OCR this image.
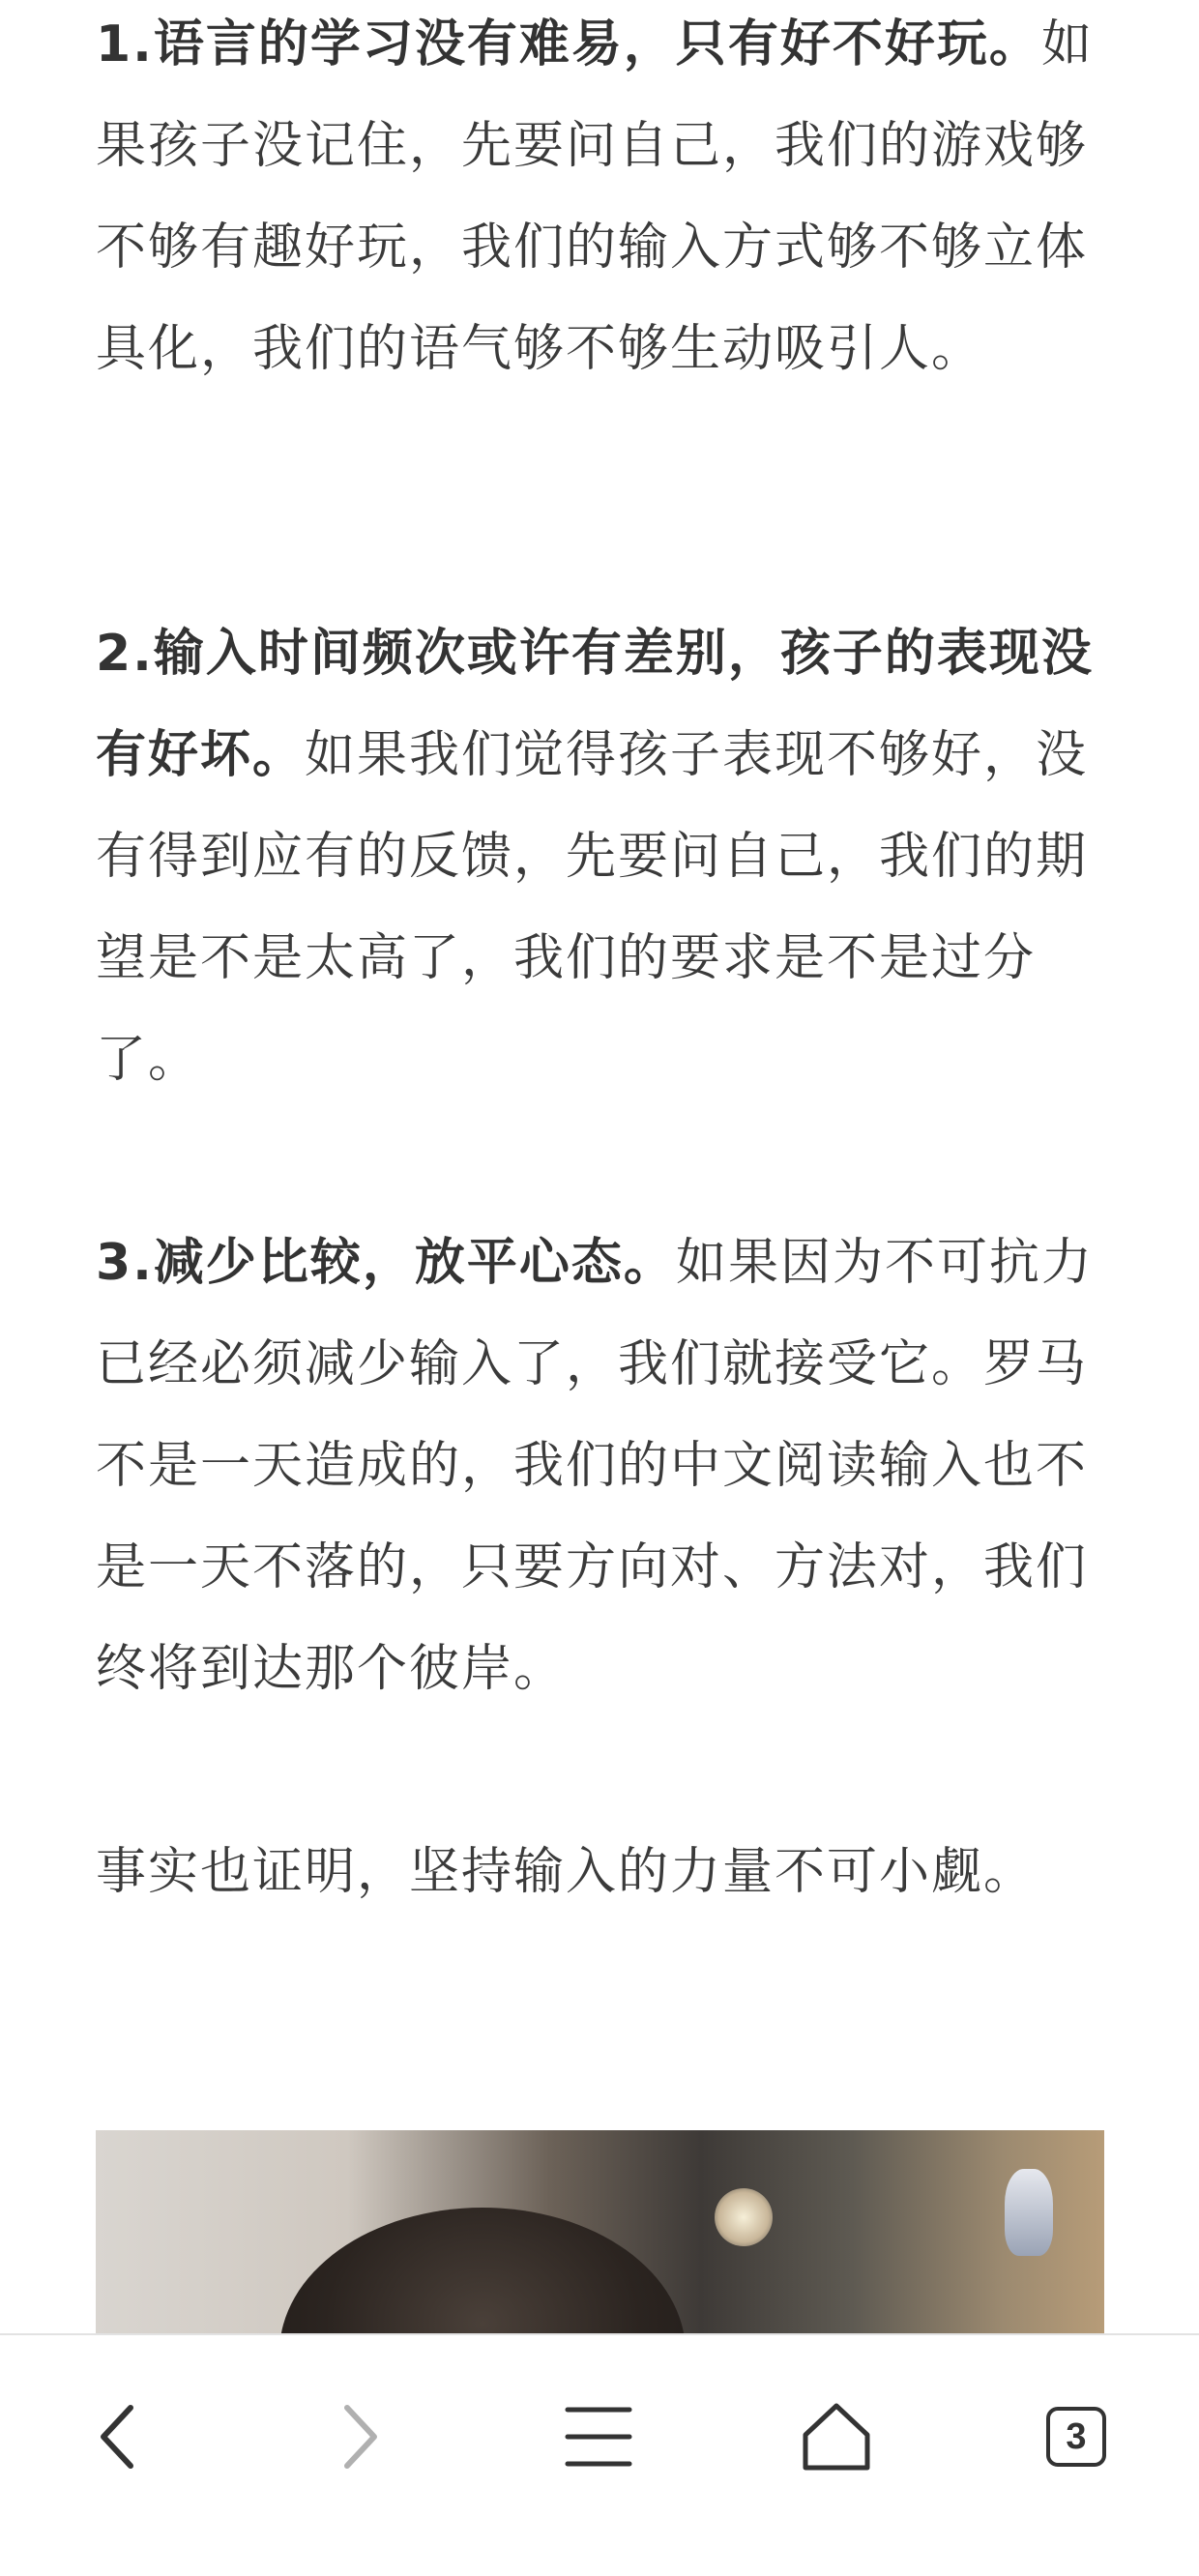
1.语言的学习没有难易，只有好不好玩。如果孩子没记住，先要问自己，我们的游戏够不够有趣好玩，我们的输入方式够不够立体具化，我们的语气够不够生动吸引人。

2.输入时间频次或许有差别，孩子的表现没有好坏。如果我们觉得孩子表现不够好，没有得到应有的反馈，先要问自己，我们的期望是不是太高了，我们的要求是不是过分了。

3.减少比较，放平心态。如果因为不可抗力已经必须减少输入了，我们就接受它。罗马不是一天造成的，我们的中文阅读输入也不是一天不落的，只要方向对、方法对，我们终将到达那个彼岸。

事实也证明，坚持输入的力量不可小觑。

3
